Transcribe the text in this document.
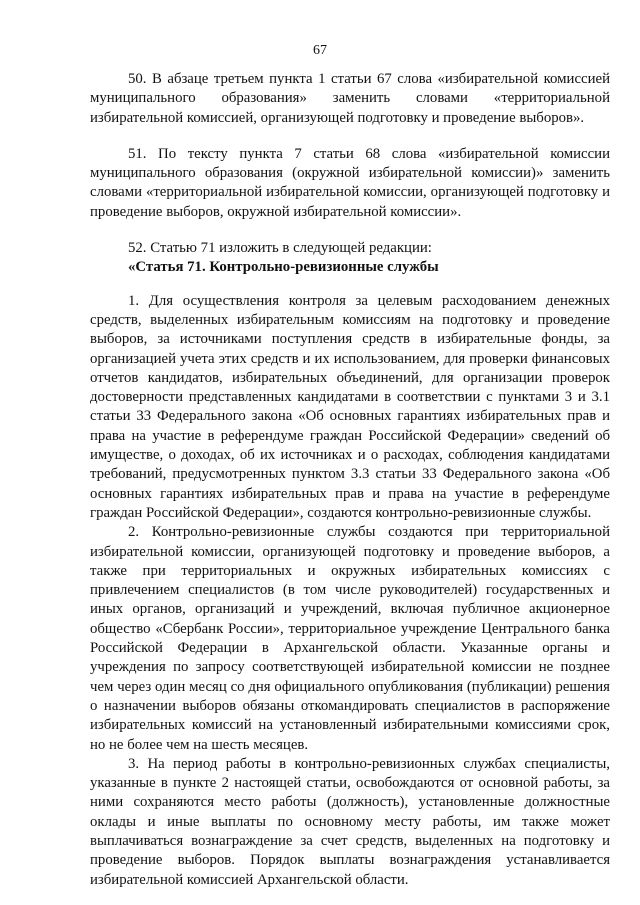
67

50. В абзаце третьем пункта 1 статьи 67 слова «избирательной комиссией муниципального образования» заменить словами «территориальной избирательной комиссией, организующей подготовку и проведение выборов».

51. По тексту пункта 7 статьи 68 слова «избирательной комиссии муниципального образования (окружной избирательной комиссии)» заменить словами «территориальной избирательной комиссии, организующей подготовку и проведение выборов, окружной избирательной комиссии».

52. Статью 71 изложить в следующей редакции:

«Статья 71. Контрольно-ревизионные службы

1. Для осуществления контроля за целевым расходованием денежных средств, выделенных избирательным комиссиям на подготовку и проведение выборов, за источниками поступления средств в избирательные фонды, за организацией учета этих средств и их использованием, для проверки финансовых отчетов кандидатов, избирательных объединений, для организации проверок достоверности представленных кандидатами в соответствии с пунктами 3 и 3.1 статьи 33 Федерального закона «Об основных гарантиях избирательных прав и права на участие в референдуме граждан Российской Федерации» сведений об имуществе, о доходах, об их источниках и о расходах, соблюдения кандидатами требований, предусмотренных пунктом 3.3 статьи 33 Федерального закона «Об основных гарантиях избирательных прав и права на участие в референдуме граждан Российской Федерации», создаются контрольно-ревизионные службы.

2. Контрольно-ревизионные службы создаются при территориальной избирательной комиссии, организующей подготовку и проведение выборов, а также при территориальных и окружных избирательных комиссиях с привлечением специалистов (в том числе руководителей) государственных и иных органов, организаций и учреждений, включая публичное акционерное общество «Сбербанк России», территориальное учреждение Центрального банка Российской Федерации в Архангельской области. Указанные органы и учреждения по запросу соответствующей избирательной комиссии не позднее чем через один месяц со дня официального опубликования (публикации) решения о назначении выборов обязаны откомандировать специалистов в распоряжение избирательных комиссий на установленный избирательными комиссиями срок, но не более чем на шесть месяцев.

3. На период работы в контрольно-ревизионных службах специалисты, указанные в пункте 2 настоящей статьи, освобождаются от основной работы, за ними сохраняются место работы (должность), установленные должностные оклады и иные выплаты по основному месту работы, им также может выплачиваться вознаграждение за счет средств, выделенных на подготовку и проведение выборов. Порядок выплаты вознаграждения устанавливается избирательной комиссией Архангельской области.
